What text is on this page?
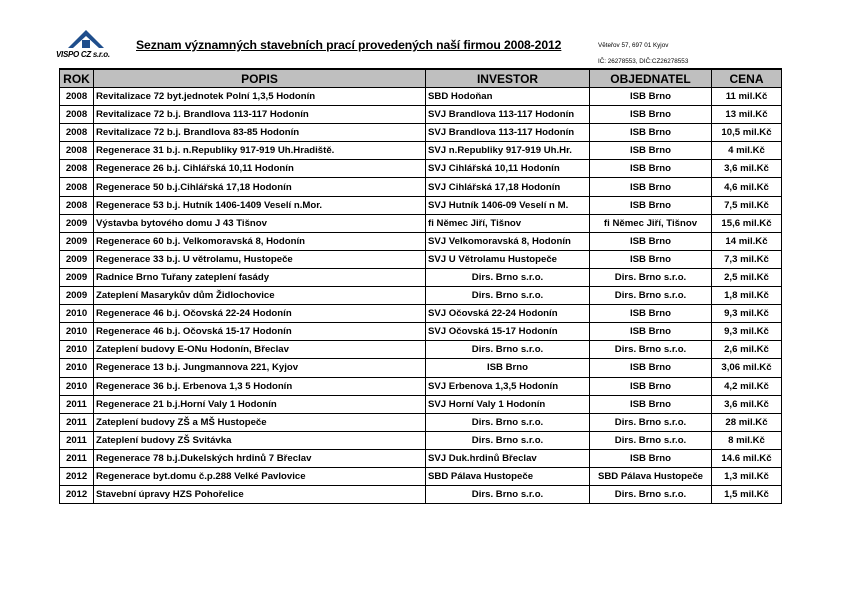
VISPO CZ s.r.o.
Seznam významných stavebních prací provedených naší firmou 2008-2012	Vĕteřov 57, 697 01 Kyjov
IČ: 26278553, DIČ:CZ26278553
ROK	POPIS	INVESTOR	OBJEDNATEL	CENA
2008	Revitalizace 72 byt.jednotek Polní 1,3,5 Hodonín	SBD Hodoňan	ISB Brno	11 mil.Kč
2008	Revitalizace 72 b.j. Brandlova 113-117 Hodonín	SVJ Brandlova 113-117 Hodonín	ISB Brno	13 mil.Kč
2008	Revitalizace 72 b.j. Brandlova 83-85 Hodonín	SVJ Brandlova 113-117 Hodonín	ISB Brno	10,5 mil.Kč
2008	Regenerace 31 b.j. n.Republiky 917-919 Uh.Hradiště.	SVJ n.Republiky 917-919 Uh.Hr.	ISB Brno	4 mil.Kč
2008	Regenerace 26 b.j. Cihlářská 10,11 Hodonín	SVJ Cihlářská 10,11 Hodonín	ISB Brno	3,6 mil.Kč
2008	Regenerace 50 b.j.Cihlářská 17,18 Hodonín	SVJ Cihlářská 17,18 Hodonín	ISB Brno	4,6 mil.Kč
2008	Regenerace 53 b.j. Hutník 1406-1409 Veselí n.Mor.	SVJ Hutník 1406-09 Veselí n M.	ISB Brno	7,5 mil.Kč
2009	Výstavba bytového domu J 43 Tišnov	fi Němec Jiří, Tišnov	fi Němec Jiří, Tišnov	15,6 mil.Kč
2009	Regenerace 60 b.j. Velkomoravská 8, Hodonín	SVJ Velkomoravská 8, Hodonín	ISB Brno	14 mil.Kč
2009	Regenerace 33 b.j. U větrolamu, Hustopeče	SVJ U Větrolamu Hustopeče	ISB Brno	7,3 mil.Kč
2009	Radnice Brno Tuřany zateplení fasády	Dirs. Brno s.r.o.	Dirs. Brno s.r.o.	2,5 mil.Kč
2009	Zateplení Masarykův dům Židlochovice	Dirs. Brno s.r.o.	Dirs. Brno s.r.o.	1,8 mil.Kč
2010	Regenerace 46 b.j. Očovská 22-24 Hodonín	SVJ Očovská 22-24 Hodonín	ISB Brno	9,3 mil.Kč
2010	Regenerace 46 b.j. Očovská 15-17 Hodonín	SVJ Očovská 15-17 Hodonín	ISB Brno	9,3 mil.Kč
2010	Zateplení budovy E-ONu Hodonín, Břeclav	Dirs. Brno s.r.o.	Dirs. Brno s.r.o.	2,6 mil.Kč
2010	Regenerace 13 b.j. Jungmannova 221, Kyjov	ISB Brno	ISB Brno	3,06 mil.Kč
2010	Regenerace 36 b.j. Erbenova 1,3 5 Hodonín	SVJ Erbenova 1,3,5 Hodonín	ISB Brno	4,2 mil.Kč
2011	Regenerace 21 b.j.Horní Valy 1 Hodonín	SVJ Horní Valy 1 Hodonín	ISB Brno	3,6 mil.Kč
2011	Zateplení budovy ZŠ a MŠ Hustopeče	Dirs. Brno s.r.o.	Dirs. Brno s.r.o.	28 mil.Kč
2011	Zateplení budovy ZŠ Svitávka	Dirs. Brno s.r.o.	Dirs. Brno s.r.o.	8 mil.Kč
2011	Regenerace 78 b.j.Dukelských hrdinů 7 Břeclav	SVJ Duk.hrdinů Břeclav	ISB Brno	14.6 mil.Kč
2012	Regenerace byt.domu č.p.288 Velké Pavlovice	SBD Pálava Hustopeče	SBD Pálava Hustopeče	1,3 mil.Kč
2012	Stavební úpravy HZS Pohořelice	Dirs. Brno s.r.o.	Dirs. Brno s.r.o.	1,5 mil.Kč
